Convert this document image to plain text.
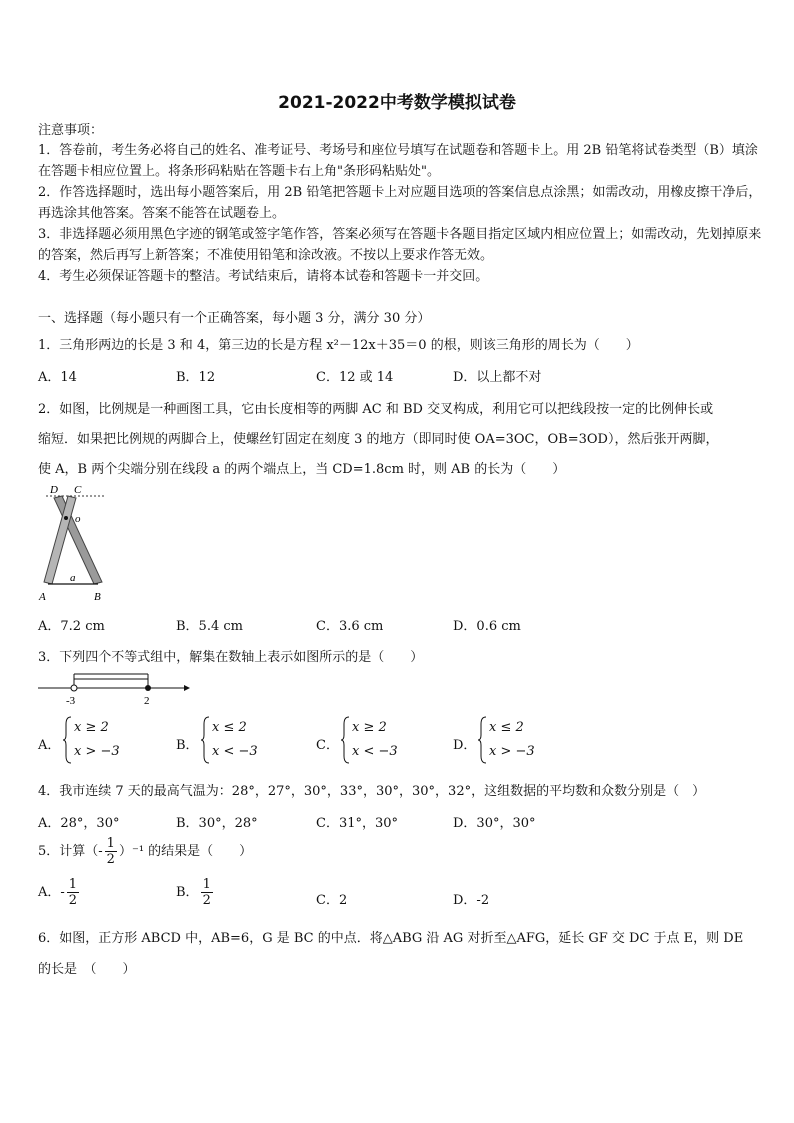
2021-2022中考数学模拟试卷
注意事项：
1．答卷前，考生务必将自己的姓名、准考证号、考场号和座位号填写在试题卷和答题卡上。用 2B 铅笔将试卷类型（B）填涂在答题卡相应位置上。将条形码粘贴在答题卡右上角"条形码粘贴处"。
2．作答选择题时，选出每小题答案后，用 2B 铅笔把答题卡上对应题目选项的答案信息点涂黑；如需改动，用橡皮擦干净后，再选涂其他答案。答案不能答在试题卷上。
3．非选择题必须用黑色字迹的钢笔或签字笔作答，答案必须写在答题卡各题目指定区域内相应位置上；如需改动，先划掉原来的答案，然后再写上新答案；不准使用铅笔和涂改液。不按以上要求作答无效。
4．考生必须保证答题卡的整洁。考试结束后，请将本试卷和答题卡一并交回。
一、选择题（每小题只有一个正确答案，每小题 3 分，满分 30 分）
1．三角形两边的长是 3 和 4，第三边的长是方程 x²－12x＋35＝0 的根，则该三角形的周长为（　　）
A．14	B．12	C．12 或 14	D．以上都不对
2．如图，比例规是一种画图工具，它由长度相等的两脚 AC 和 BD 交叉构成，利用它可以把线段按一定的比例伸长或
缩短．如果把比例规的两脚合上，使螺丝钉固定在刻度 3 的地方（即同时使 OA=3OC，OB=3OD），然后张开两脚，
使 A，B 两个尖端分别在线段 a 的两个端点上，当 CD=1.8cm 时，则 AB 的长为（　　）
D C
o
a
A	B
A．7.2 cm	B．5.4 cm	C．3.6 cm	D．0.6 cm
3．下列四个不等式组中，解集在数轴上表示如图所示的是（　　）
-3	2
A．
x ≥ 2
x > −3	B．
x ≤ 2
x < −3	C．
x ≥ 2
x < −3	D．
x ≤ 2
x > −3
4．我市连续 7 天的最高气温为：28°，27°，30°，33°，30°，30°，32°，这组数据的平均数和众数分别是（　）
A．28°，30°	B．30°，28°	C．31°，30°	D．30°，30°
5．计算（- $\frac{1}{2} )^{-1}$ 的结果是（　　）
A．- $\frac{1}{2}$	B． $\frac{1}{2}$	C．2	D．-2
6．如图，正方形 ABCD 中，AB=6，G 是 BC 的中点．将△ABG 沿 AG 对折至△AFG，延长 GF 交 DC 于点 E，则 DE
的长是　（　　）
